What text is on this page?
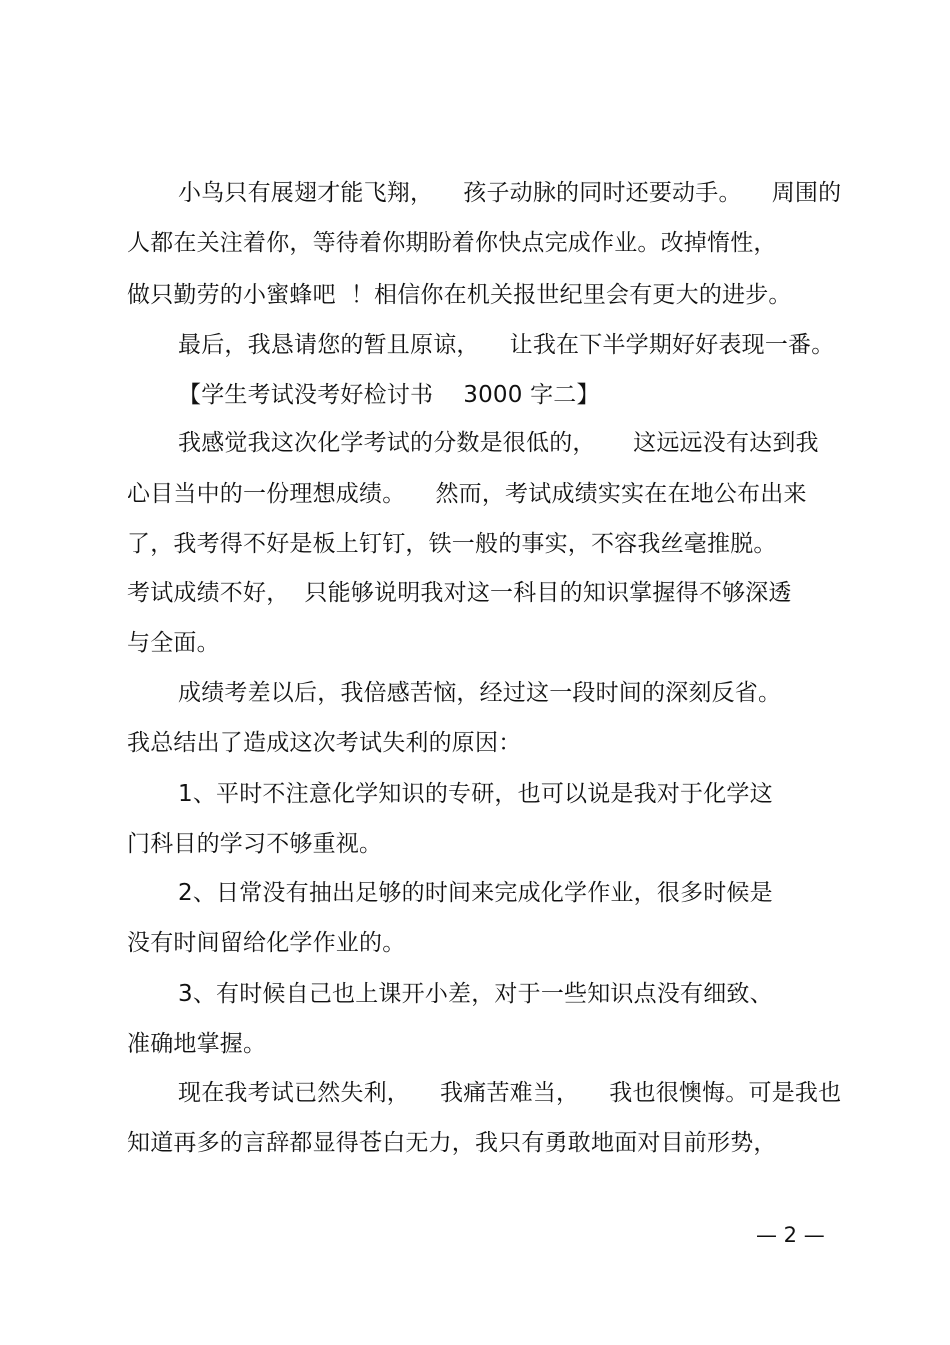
小鸟只有展翅才能飞翔，    孩子动脉的同时还要动手。    周围的
人都在关注着你，等待着你期盼着你快点完成作业。改掉惰性，
做只勤劳的小蜜蜂吧  ！相信你在机关报世纪里会有更大的进步。
最后，我恳请您的暂且原谅，    让我在下半学期好好表现一番。
【学生考试没考好检讨书    3000 字二】
我感觉我这次化学考试的分数是很低的，     这远远没有达到我
心目当中的一份理想成绩。    然而，考试成绩实实在在地公布出来
了，我考得不好是板上钉钉，铁一般的事实，不容我丝毫推脱。
考试成绩不好，  只能够说明我对这一科目的知识掌握得不够深透
与全面。
成绩考差以后，我倍感苦恼，经过这一段时间的深刻反省。
我总结出了造成这次考试失利的原因：
1、平时不注意化学知识的专研，也可以说是我对于化学这
门科目的学习不够重视。
2、日常没有抽出足够的时间来完成化学作业，很多时候是
没有时间留给化学作业的。
3、有时候自己也上课开小差，对于一些知识点没有细致、
准确地掌握。
现在我考试已然失利，    我痛苦难当，    我也很懊悔。可是我也
知道再多的言辞都显得苍白无力，我只有勇敢地面对目前形势，
— 2 —
